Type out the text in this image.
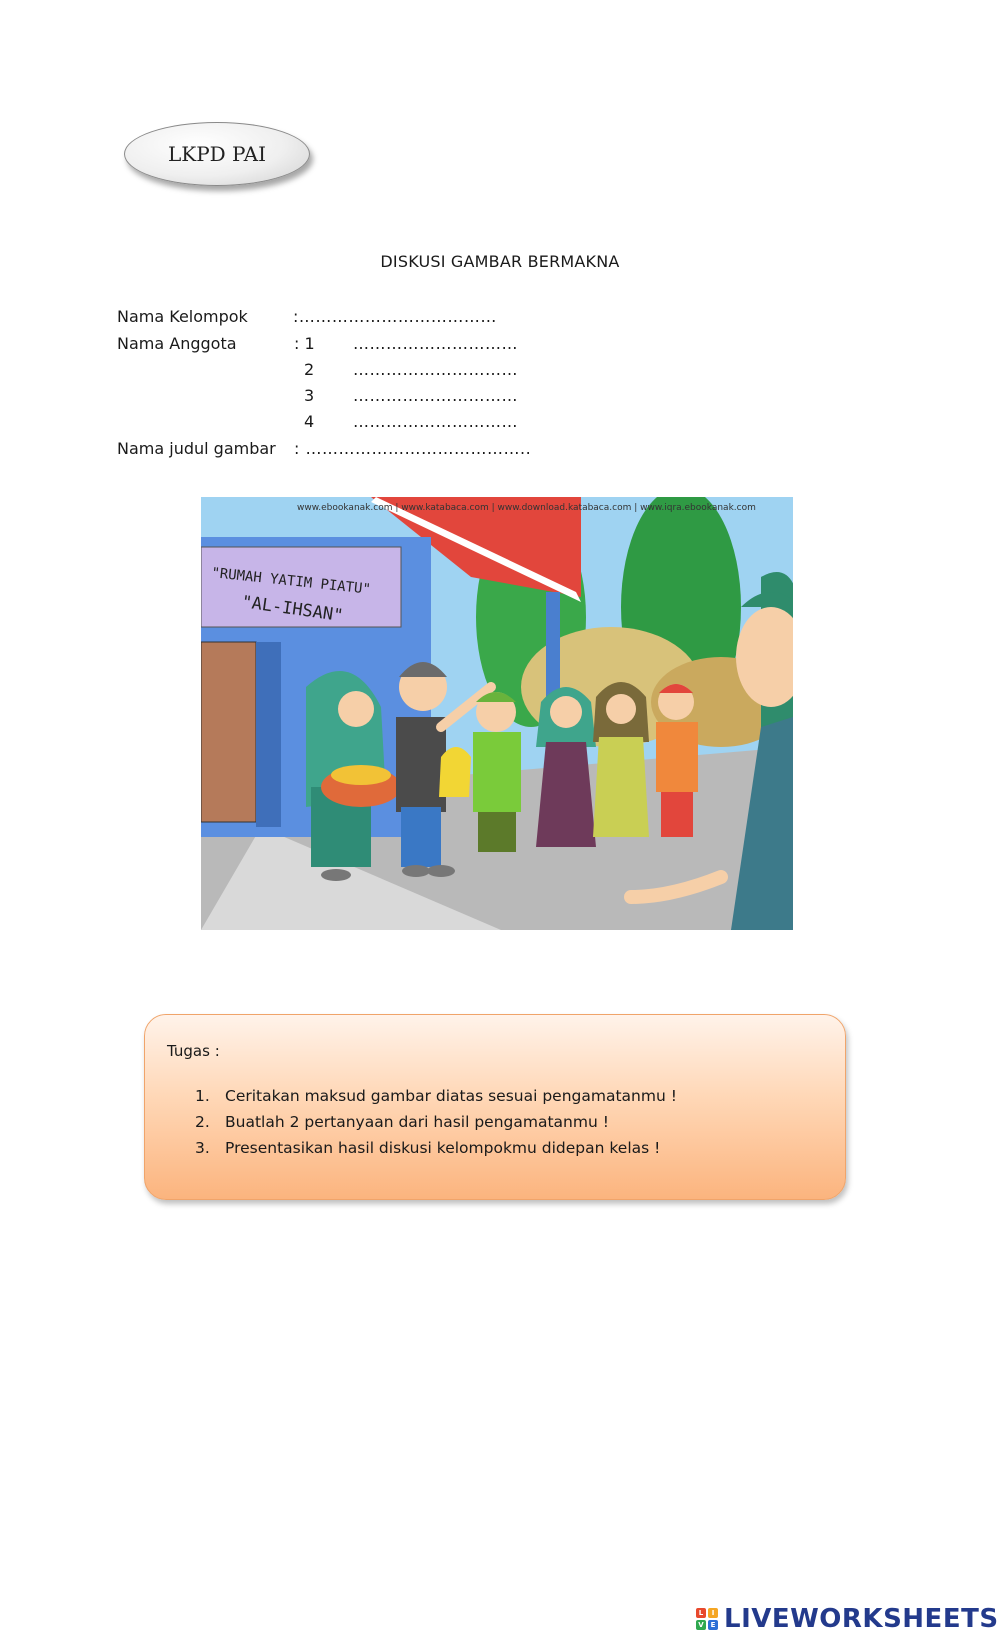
LKPD PAI
DISKUSI GAMBAR BERMAKNA
Nama Kelompok	:………………………………
Nama Anggota	: 1 …………………………
2 …………………………
3 …………………………
4 …………………………
Nama judul gambar : …………………………………..
"RUMAH YATIM PIATU"
"AL-IHSAN"
www.ebookanak.com | www.katabaca.com | www.download.katabaca.com | www.iqra.ebookanak.com
Tugas :
1. Ceritakan maksud gambar diatas sesuai pengamatanmu !
2. Buatlah 2 pertanyaan dari hasil pengamatanmu !
3. Presentasikan hasil diskusi kelompokmu didepan kelas !
L	I
V E LIVEWORKSHEETS
